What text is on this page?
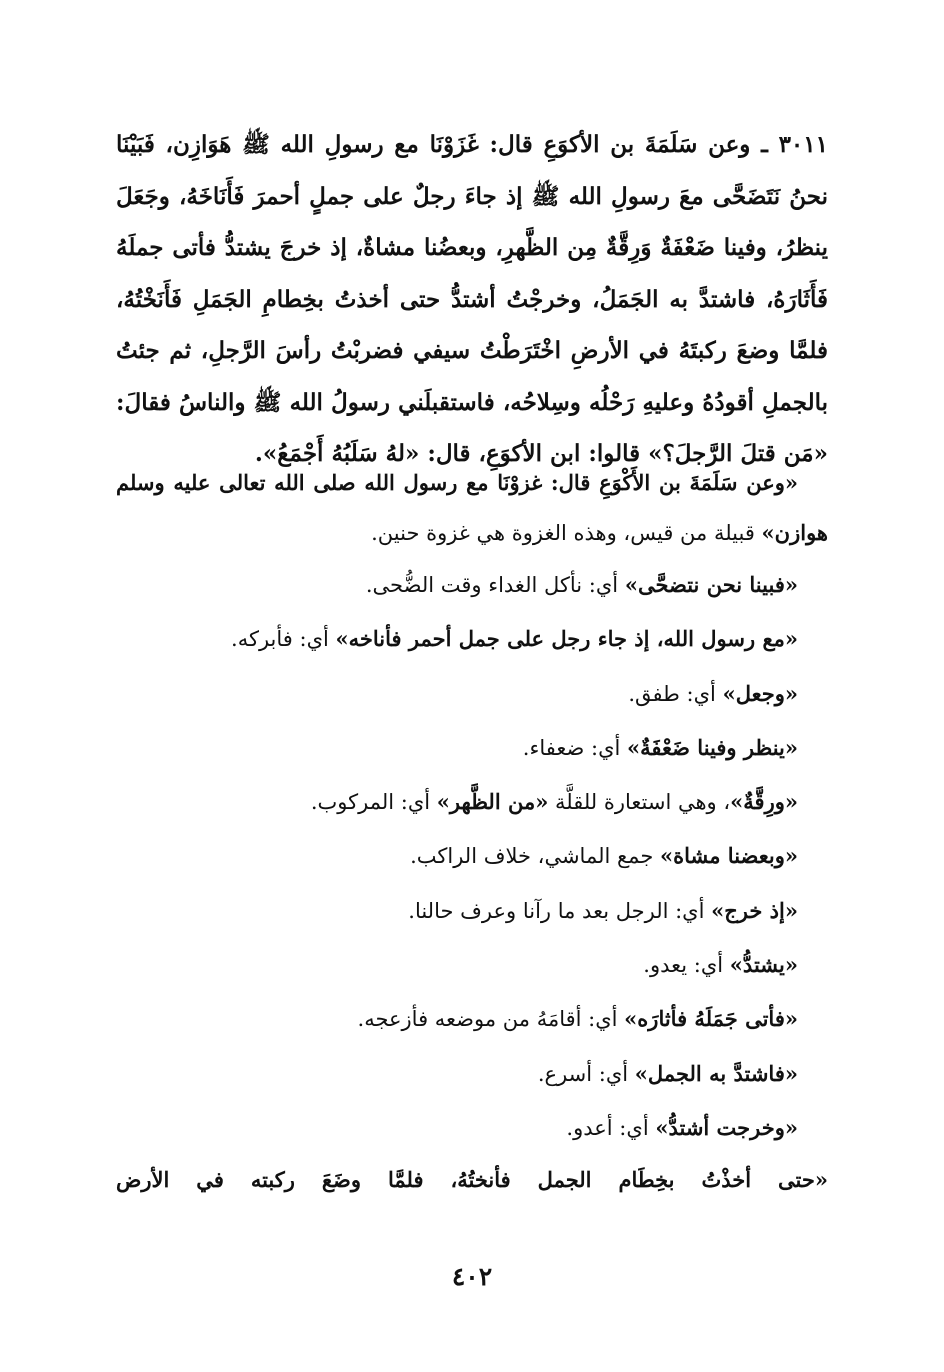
٣٠١١ ـ وعن سَلَمَةَ بن الأكوَعِ قال: غَزَوْنَا مع رسولِ الله ﷺ هَوَازِن، فَبَيْنَا نحنُ نَتَضَحَّى معَ رسولِ الله ﷺ إذ جاءَ رجلٌ على جملٍ أحمرَ فَأَنَاخَهُ، وجَعَلَ ينظرُ، وفينا ضَعْفَةٌ وَرِقَّةٌ مِن الظَّهرِ، وبعضُنا مشاةٌ، إذ خرجَ يشتدُّ فأتى جملَهُ فَأَثَارَهُ، فاشتدَّ به الجَمَلُ، وخرجْتُ أشتدُّ حتى أخذتُ بخِطامِ الجَمَلِ فَأَنَخْتُهُ، فلمَّا وضعَ ركبتَهُ في الأرضِ اخْتَرَطْتُ سيفي فضربْتُ رأسَ الرَّجلِ، ثم جئتُ بالجملِ أقودُهُ وعليهِ رَحْلُه وسِلاحُه، فاستقبلَني رسولُ الله ﷺ والناسُ فقالَ: «مَن قتلَ الرَّجلَ؟» قالوا: ابن الأكوَعِ، قال: «لهُ سَلَبُهُ أَجْمَعُ».

«وعن سَلَمَةَ بن الأَكْوَعِ قال: غزوْنَا مع رسول الله صلى الله تعالى عليه وسلم هوازن» قبيلة من قيس، وهذه الغزوة هي غزوة حنين.

«فبينا نحن نتضحَّى» أي: نأكل الغداء وقت الضُّحى.

«مع رسول الله، إذ جاء رجل على جمل أحمر فأناخه» أي: فأبركه.

«وجعل» أي: طفق.

«ينظر وفينا ضَعْفَةٌ» أي: ضعفاء.

«ورِقَّةٌ»، وهي استعارة للقلَّة «من الظَّهر» أي: المركوب.

«وبعضنا مشاة» جمع الماشي، خلاف الراكب.

«إذ خرج» أي: الرجل بعد ما رآنا وعرف حالنا.

«يشتدُّ» أي: يعدو.

«فأتى جَمَلَهُ فأثارَه» أي: أقامَهُ من موضعه فأزعجه.

«فاشتدَّ به الجمل» أي: أسرع.

«وخرجت أشتدُّ» أي: أعدو.

«حتى أخذْتُ بخِطَام الجمل فأنختُهُ، فلمَّا وضَعَ ركبته في الأرض

٤٠٢
